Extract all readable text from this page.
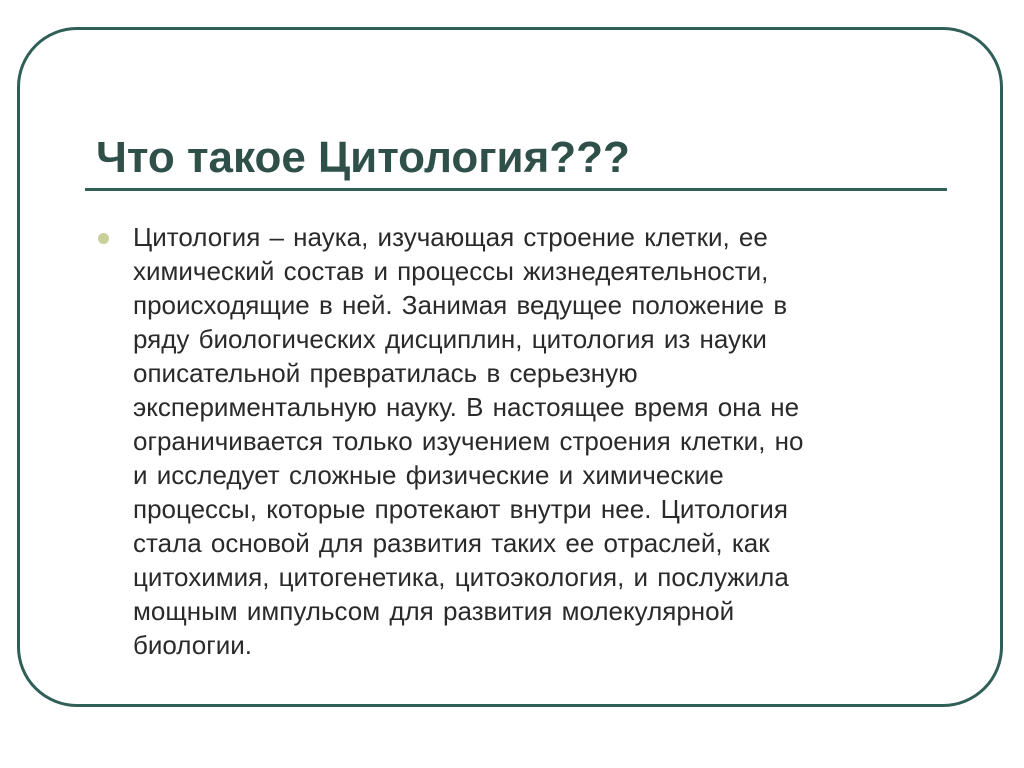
Что такое Цитология???
Цитология – наука, изучающая строение клетки, ее
химический состав и процессы жизнедеятельности,
происходящие в ней. Занимая ведущее положение в
ряду биологических дисциплин, цитология из науки
описательной превратилась в серьезную
экспериментальную науку. В настоящее время она не
ограничивается только изучением строения клетки, но
и исследует сложные физические и химические
процессы, которые протекают внутри нее. Цитология
стала основой для развития таких ее отраслей, как
цитохимия, цитогенетика, цитоэкология, и послужила
мощным импульсом для развития молекулярной
биологии.
